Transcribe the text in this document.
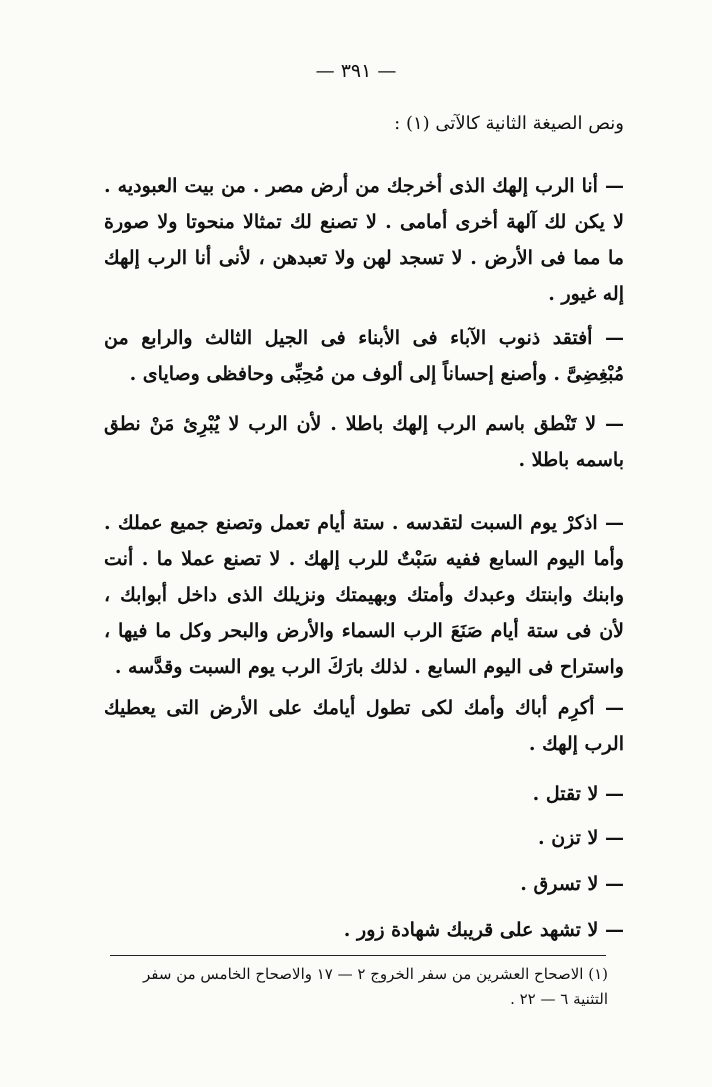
— ٣٩١ —
ونص الصيغة الثانية كالآتى (١) :
— أنا الرب إلهك الذى أخرجك من أرض مصر . من بيت العبوديه . لا يكن لك آلهة أخرى أمامى . لا تصنع لك تمثالا منحوتا ولا صورة ما مما فى الأرض . لا تسجد لهن ولا تعبدهن ، لأنى أنا الرب إلهك إله غيور .
— أفتقد ذنوب الآباء فى الأبناء فى الجيل الثالث والرابع من مُبْغِضِىَّ . وأصنع إحساناً إلى ألوف من مُحِبِّى وحافظى وصاياى .
— لا تَنْطق باسم الرب إلهك باطلا . لأن الرب لا يُبْرِئ مَنْ نطق باسمه باطلا .
— اذكرْ يوم السبت لتقدسه . ستة أيام تعمل وتصنع جميع عملك . وأما اليوم السابع ففيه سَبْتٌ للرب إلهك . لا تصنع عملا ما . أنت وابنك وابنتك وعبدك وأمتك وبهيمتك ونزيلك الذى داخل أبوابك ، لأن فى ستة أيام صَنَعَ الرب السماء والأرض والبحر وكل ما فيها ، واستراح فى اليوم السابع . لذلك بارَكَ الرب يوم السبت وقدَّسه .
— أكرِم أباك وأمك لكى تطول أيامك على الأرض التى يعطيك الرب إلهك .
— لا تقتل .
— لا تزن .
— لا تسرق .
— لا تشهد على قريبك شهادة زور .
(١) الاصحاح العشرين من سفر الخروج ٢ — ١٧ والاصحاح الخامس من سفر التثنية ٦ — ٢٢ .
